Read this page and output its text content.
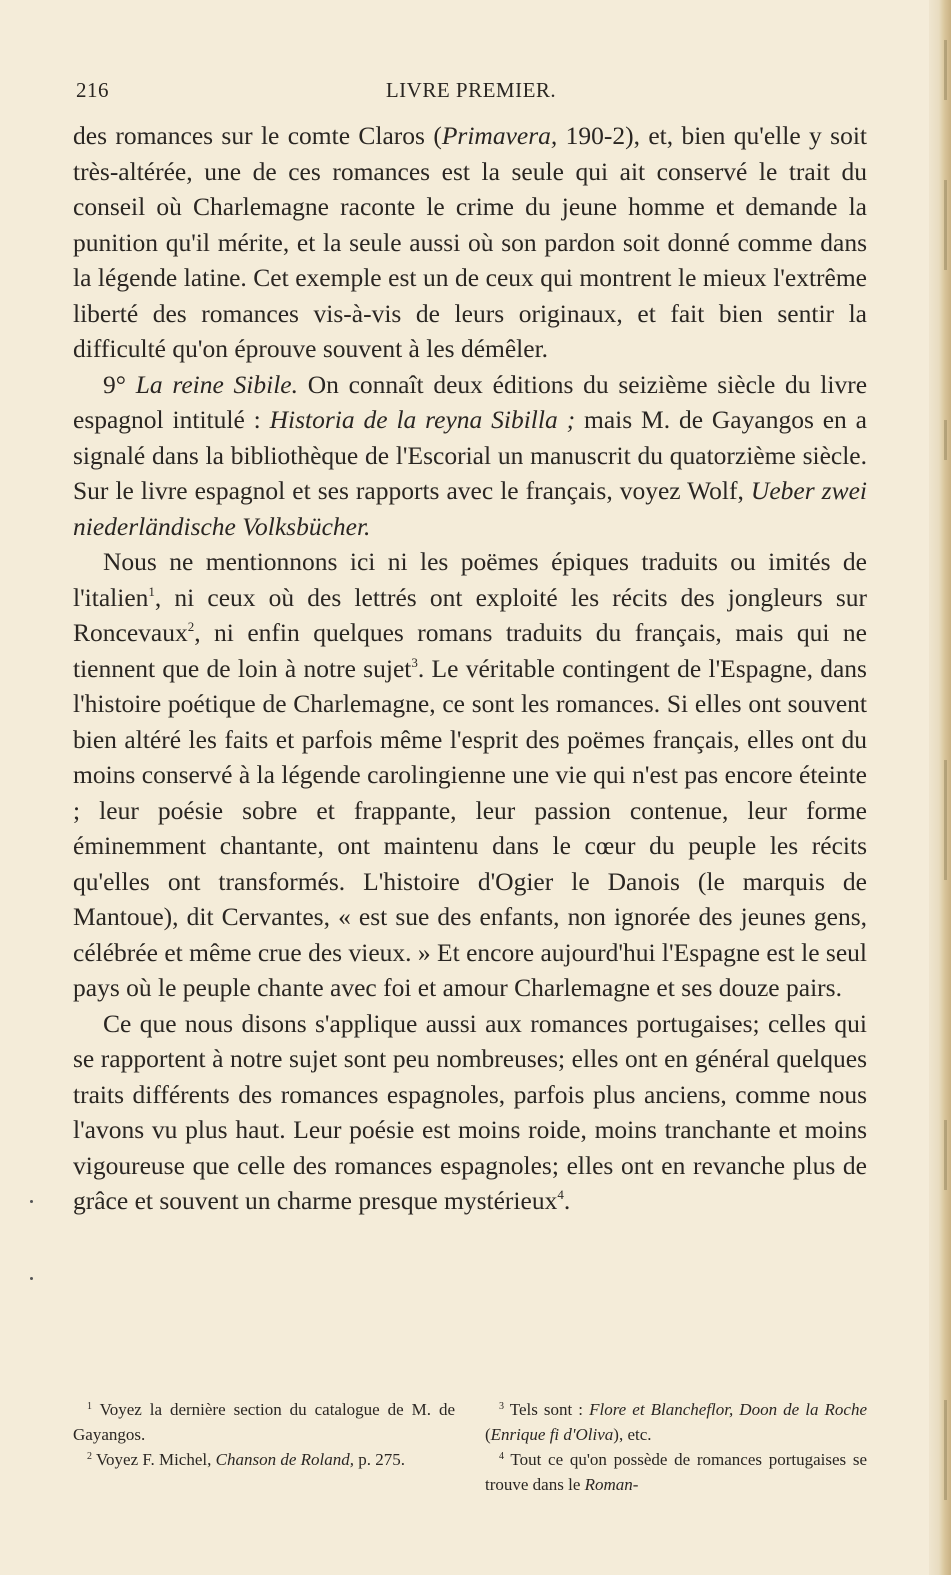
216	LIVRE PREMIER.

des romances sur le comte Claros (Primavera, 190-2), et, bien qu'elle y soit très-altérée, une de ces romances est la seule qui ait conservé le trait du conseil où Charlemagne raconte le crime du jeune homme et demande la punition qu'il mérite, et la seule aussi où son pardon soit donné comme dans la légende latine. Cet exemple est un de ceux qui montrent le mieux l'extrême liberté des romances vis-à-vis de leurs originaux, et fait bien sentir la difficulté qu'on éprouve souvent à les démêler.

9° La reine Sibile. On connaît deux éditions du seizième siècle du livre espagnol intitulé : Historia de la reyna Sibilla ; mais M. de Gayangos en a signalé dans la bibliothèque de l'Escorial un manuscrit du quatorzième siècle. Sur le livre espagnol et ses rapports avec le français, voyez Wolf, Ueber zwei niederländische Volksbücher.

Nous ne mentionnons ici ni les poëmes épiques traduits ou imités de l'italien$^1$, ni ceux où des lettrés ont exploité les récits des jongleurs sur Roncevaux$^2$, ni enfin quelques romans traduits du français, mais qui ne tiennent que de loin à notre sujet$^3$. Le véritable contingent de l'Espagne, dans l'histoire poétique de Charlemagne, ce sont les romances. Si elles ont souvent bien altéré les faits et parfois même l'esprit des poëmes français, elles ont du moins conservé à la légende carolingienne une vie qui n'est pas encore éteinte ; leur poésie sobre et frappante, leur passion contenue, leur forme éminemment chantante, ont maintenu dans le cœur du peuple les récits qu'elles ont transformés. L'histoire d'Ogier le Danois (le marquis de Mantoue), dit Cervantes, « est sue des enfants, non ignorée des jeunes gens, célébrée et même crue des vieux. » Et encore aujourd'hui l'Espagne est le seul pays où le peuple chante avec foi et amour Charlemagne et ses douze pairs.

Ce que nous disons s'applique aussi aux romances portugaises; celles qui se rapportent à notre sujet sont peu nombreuses; elles ont en général quelques traits différents des romances espagnoles, parfois plus anciens, comme nous l'avons vu plus haut. Leur poésie est moins roide, moins tranchante et moins vigoureuse que celle des romances espagnoles; elles ont en revanche plus de grâce et souvent un charme presque mystérieux$^4$.

$^1$ Voyez la dernière section du catalogue de M. de Gayangos.

$^2$ Voyez F. Michel, Chanson de Roland, p. 275.

$^3$ Tels sont : Flore et Blancheflor, Doon de la Roche (Enrique fi d'Oliva), etc.

$^4$ Tout ce qu'on possède de romances portugaises se trouve dans le Roman-
